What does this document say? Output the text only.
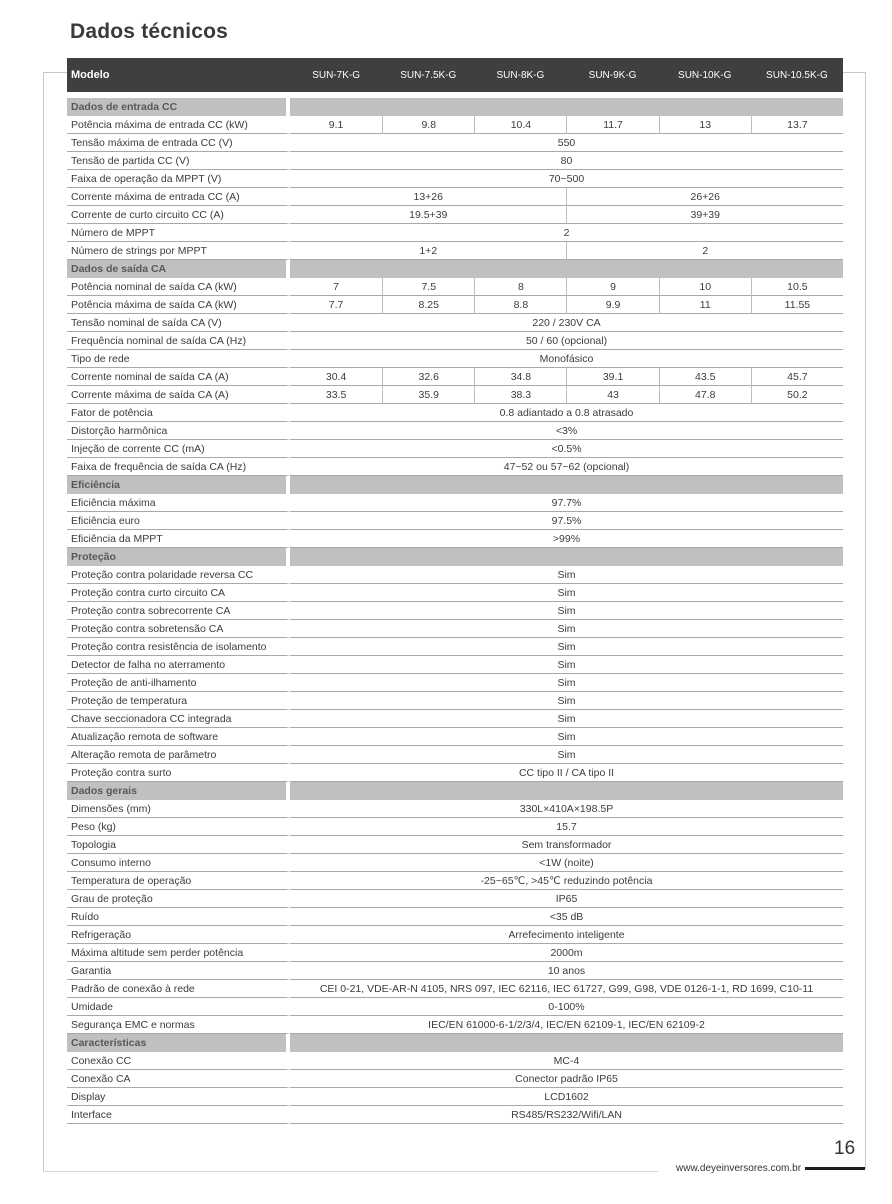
Dados técnicos
Modelo	SUN-7K-G	SUN-7.5K-G	SUN-8K-G	SUN-9K-G	SUN-10K-G	SUN-10.5K-G

Dados de entrada CC						
Potência máxima de entrada CC (kW)	9.1	9.8	10.4	11.7	13	13.7
Tensão máxima de entrada CC (V)	550					
Tensão de partida CC (V)	80					
Faixa de operação da MPPT (V)	70~500					
Corrente máxima de entrada CC (A)	13+26			26+26		
Corrente de curto circuito CC (A)	19.5+39			39+39		
Número de MPPT	2					
Número de strings por MPPT	1+2			2		
Dados de saída CA						
Potência nominal de saída CA (kW)	7	7.5	8	9	10	10.5
Potência máxima de saída CA (kW)	7.7	8.25	8.8	9.9	11	11.55
Tensão nominal de saída CA (V)	220 / 230V CA					
Frequência nominal de saída CA (Hz)	50 / 60 (opcional)					
Tipo de rede	Monofásico					
Corrente nominal de saída CA (A)	30.4	32.6	34.8	39.1	43.5	45.7
Corrente máxima de saída CA (A)	33.5	35.9	38.3	43	47.8	50.2
Fator de potência	0.8 adiantado a 0.8 atrasado					
Distorção harmônica	<3%					
Injeção de corrente CC (mA)	<0.5%					
Faixa de frequência de saída CA (Hz)	47~52 ou 57~62 (opcional)					
Eficiência						
Eficiência máxima	97.7%					
Eficiência euro	97.5%					
Eficiência da MPPT	>99%					
Proteção						
Proteção contra polaridade reversa CC	Sim					
Proteção contra curto circuito CA	Sim					
Proteção contra sobrecorrente CA	Sim					
Proteção contra sobretensão CA	Sim					
Proteção contra resistência de isolamento	Sim					
Detector de falha no aterramento	Sim					
Proteção de anti-ilhamento	Sim					
Proteção de temperatura	Sim					
Chave seccionadora CC integrada	Sim					
Atualização remota de software	Sim					
Alteração remota de parâmetro	Sim					
Proteção contra surto	CC tipo II / CA tipo II					
Dados gerais						
Dimensões (mm)	330L×410A×198.5P					
Peso (kg)	15.7					
Topologia	Sem transformador					
Consumo interno	<1W (noite)					
Temperatura de operação	-25~65℃, >45℃ reduzindo potência					
Grau de proteção	IP65					
Ruído	<35 dB					
Refrigeração	Arrefecimento inteligente					
Máxima altitude sem perder potência	2000m					
Garantia	10 anos					
Padrão de conexão à rede	CEI 0-21, VDE-AR-N 4105, NRS 097, IEC 62116, IEC 61727, G99, G98, VDE 0126-1-1, RD 1699, C10-11					
Umidade	0-100%					
Segurança EMC e normas	IEC/EN 61000-6-1/2/3/4, IEC/EN 62109-1, IEC/EN 62109-2					
Características						
Conexão CC	MC-4					
Conexão CA	Conector padrão IP65					
Display	LCD1602					
Interface	RS485/RS232/Wifi/LAN					
16
www.deyeinversores.com.br
